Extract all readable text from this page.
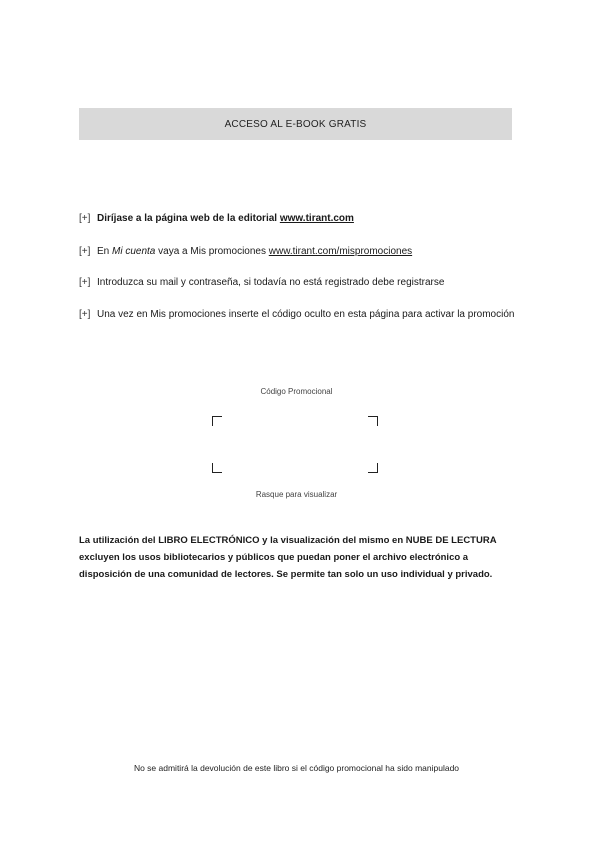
ACCESO AL E-BOOK GRATIS
[+] Diríjase a la página web de la editorial www.tirant.com
[+] En Mi cuenta vaya a Mis promociones www.tirant.com/mispromociones
[+] Introduzca su mail y contraseña, si todavía no está registrado debe registrarse
[+] Una vez en Mis promociones inserte el código oculto en esta página para activar la promoción
Código Promocional
Rasque para visualizar
La utilización del LIBRO ELECTRÓNICO y la visualización del mismo en NUBE DE LECTURA excluyen los usos bibliotecarios y públicos que puedan poner el archivo electrónico a disposición de una comunidad de lectores. Se permite tan solo un uso individual y privado.
No se admitirá la devolución de este libro si el código promocional ha sido manipulado
